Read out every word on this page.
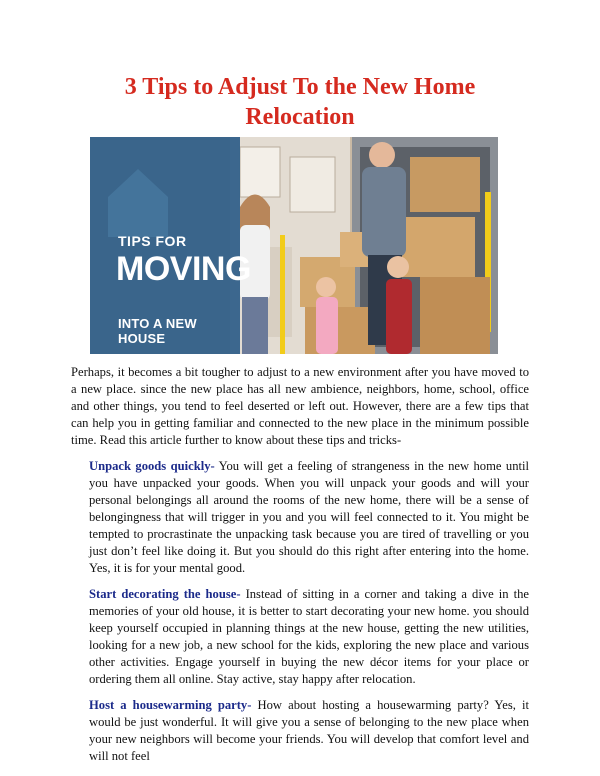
3 Tips to Adjust To the New Home Relocation
TIPS FOR
MOVING
INTO A NEW HOUSE

Perhaps, it becomes a bit tougher to adjust to a new environment after you have moved to a new place. since the new place has all new ambience, neighbors, home, school, office and other things, you tend to feel deserted or left out. However, there are a few tips that can help you in getting familiar and connected to the new place in the minimum possible time. Read this article further to know about these tips and tricks-

Unpack goods quickly- You will get a feeling of strangeness in the new home until you have unpacked your goods. When you will unpack your goods and will your personal belongings all around the rooms of the new home, there will be a sense of belongingness that will trigger in you and you will feel connected to it. You might be tempted to procrastinate the unpacking task because you are tired of travelling or you just don’t feel like doing it. But you should do this right after entering into the home. Yes, it is for your mental good.

Start decorating the house- Instead of sitting in a corner and taking a dive in the memories of your old house, it is better to start decorating your new home. you should keep yourself occupied in planning things at the new house, getting the new utilities, looking for a new job, a new school for the kids, exploring the new place and various other activities. Engage yourself in buying the new décor items for your place or ordering them all online. Stay active, stay happy after relocation.

Host a housewarming party- How about hosting a housewarming party? Yes, it would be just wonderful. It will give you a sense of belonging to the new place when your new neighbors will become your friends. You will develop that comfort level and will not feel
